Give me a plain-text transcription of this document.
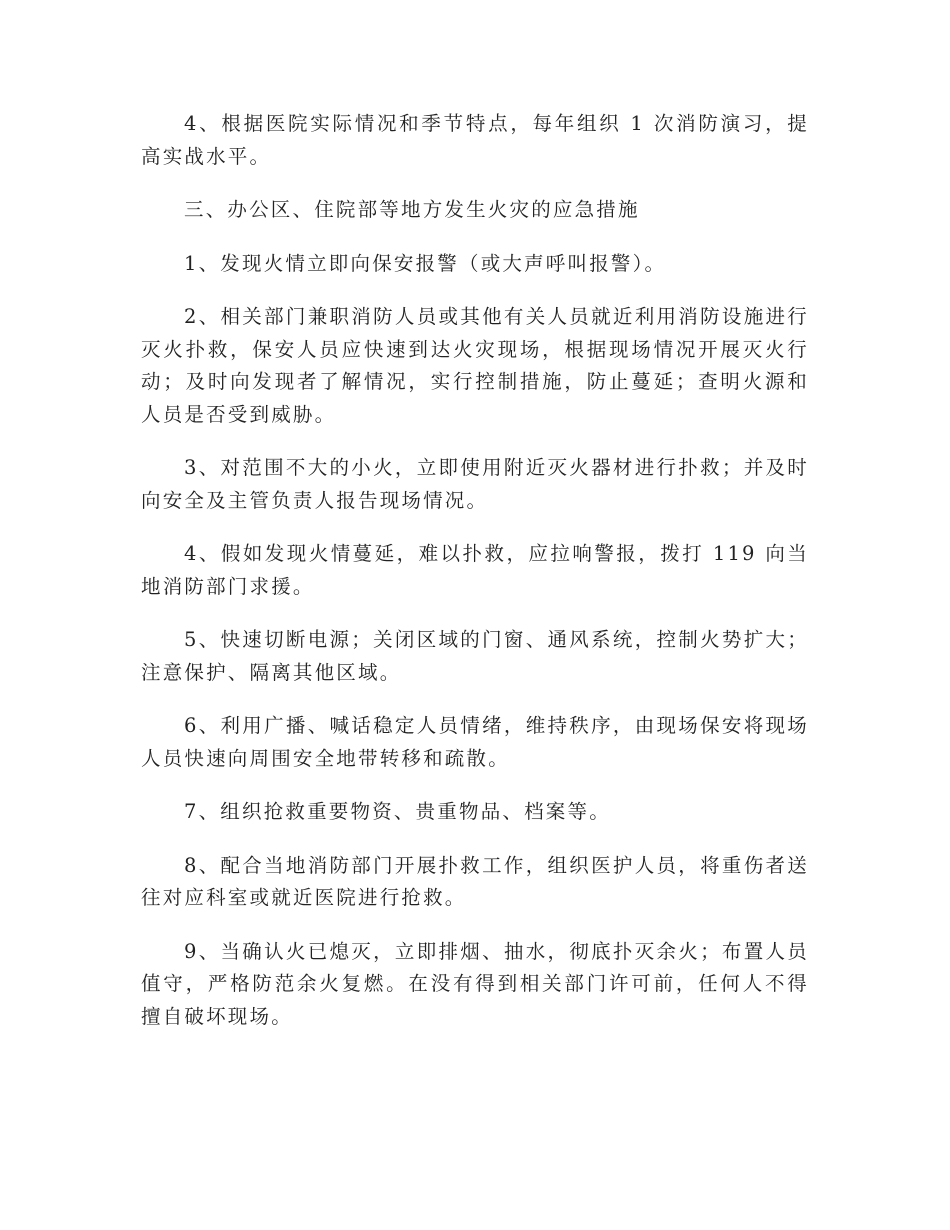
4、根据医院实际情况和季节特点，每年组织 1 次消防演习，提高实战水平。

三、办公区、住院部等地方发生火灾的应急措施

1、发现火情立即向保安报警（或大声呼叫报警）。

2、相关部门兼职消防人员或其他有关人员就近利用消防设施进行灭火扑救，保安人员应快速到达火灾现场，根据现场情况开展灭火行动；及时向发现者了解情况，实行控制措施，防止蔓延；查明火源和人员是否受到威胁。

3、对范围不大的小火，立即使用附近灭火器材进行扑救；并及时向安全及主管负责人报告现场情况。

4、假如发现火情蔓延，难以扑救，应拉响警报，拨打 119 向当地消防部门求援。

5、快速切断电源；关闭区域的门窗、通风系统，控制火势扩大；注意保护、隔离其他区域。

6、利用广播、喊话稳定人员情绪，维持秩序，由现场保安将现场人员快速向周围安全地带转移和疏散。

7、组织抢救重要物资、贵重物品、档案等。

8、配合当地消防部门开展扑救工作，组织医护人员，将重伤者送往对应科室或就近医院进行抢救。

9、当确认火已熄灭，立即排烟、抽水，彻底扑灭余火；布置人员值守，严格防范余火复燃。在没有得到相关部门许可前，任何人不得擅自破坏现场。
